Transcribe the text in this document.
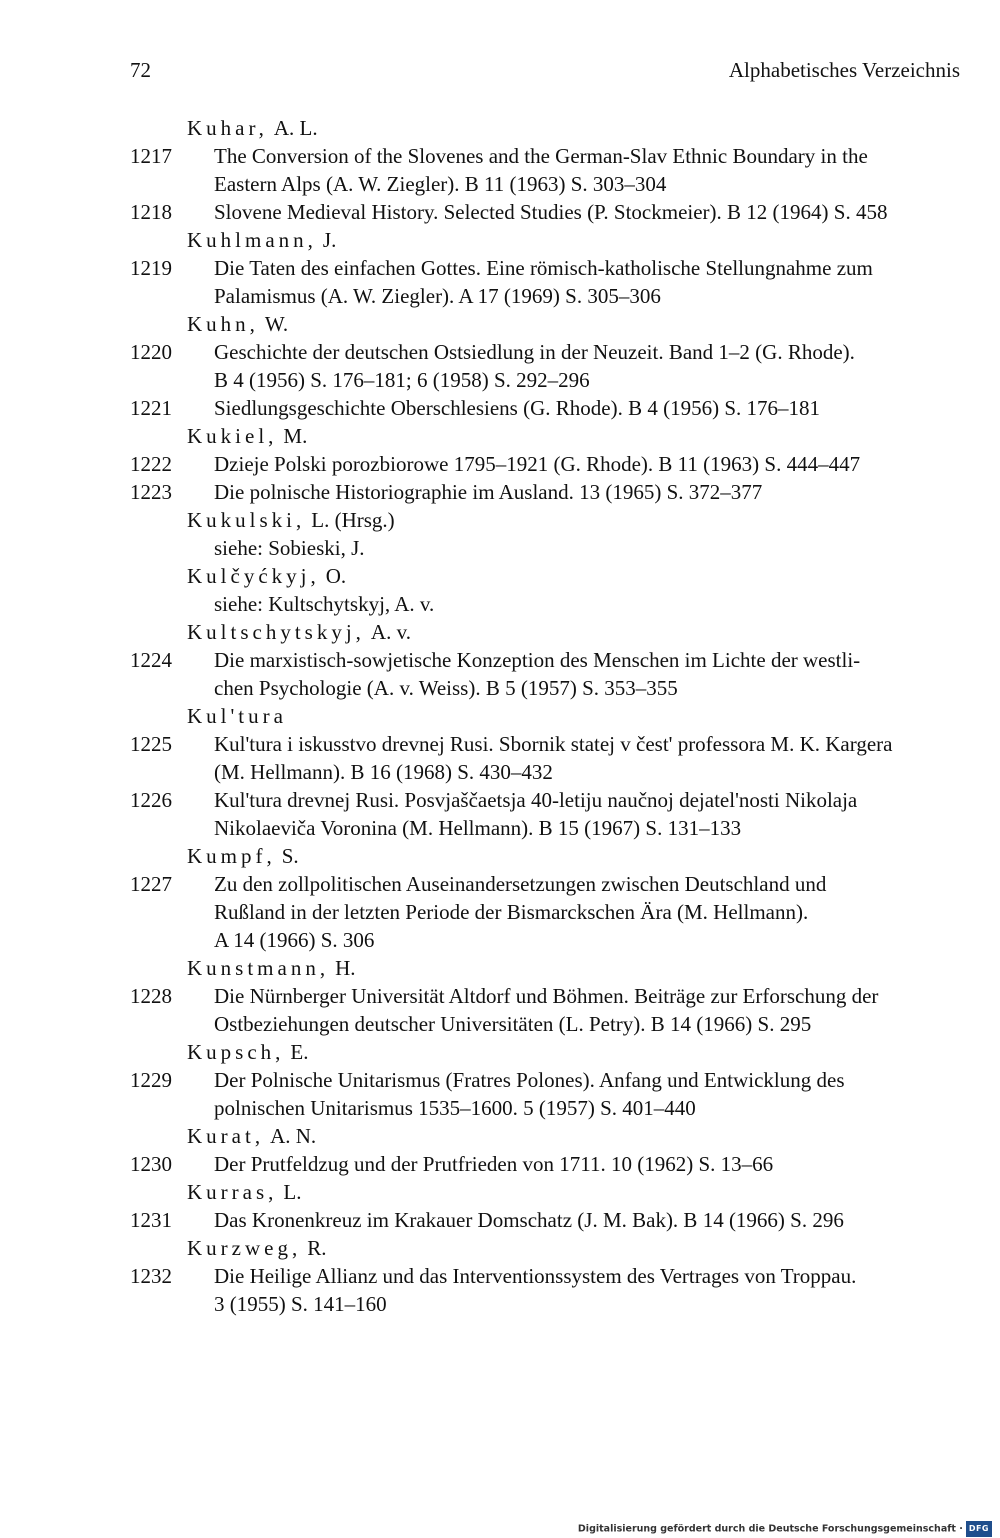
72	Alphabetisches Verzeichnis
Kuhar, A. L.
1217 The Conversion of the Slovenes and the German-Slav Ethnic Boundary in the
Eastern Alps (A. W. Ziegler). B 11 (1963) S. 303–304
1218 Slovene Medieval History. Selected Studies (P. Stockmeier). B 12 (1964) S. 458
Kuhlmann, J.
1219 Die Taten des einfachen Gottes. Eine römisch-katholische Stellungnahme zum
Palamismus (A. W. Ziegler). A 17 (1969) S. 305–306
Kuhn, W.
1220 Geschichte der deutschen Ostsiedlung in der Neuzeit. Band 1–2 (G. Rhode).
B 4 (1956) S. 176–181; 6 (1958) S. 292–296
1221 Siedlungsgeschichte Oberschlesiens (G. Rhode). B 4 (1956) S. 176–181
Kukiel, M.
1222 Dzieje Polski porozbiorowe 1795–1921 (G. Rhode). B 11 (1963) S. 444–447
1223 Die polnische Historiographie im Ausland. 13 (1965) S. 372–377
Kukulski, L. (Hrsg.)
siehe: Sobieski, J.
Kulčyćkyj, O.
siehe: Kultschytskyj, A. v.
Kultschytskyj, A. v.
1224 Die marxistisch-sowjetische Konzeption des Menschen im Lichte der westli-
chen Psychologie (A. v. Weiss). B 5 (1957) S. 353–355
Kul'tura
1225 Kul'tura i iskusstvo drevnej Rusi. Sbornik statej v čest' professora M. K. Kargera
(M. Hellmann). B 16 (1968) S. 430–432
1226 Kul'tura drevnej Rusi. Posvjaščaetsja 40-letiju naučnoj dejatel'nosti Nikolaja
Nikolaeviča Voronina (M. Hellmann). B 15 (1967) S. 131–133
Kumpf, S.
1227 Zu den zollpolitischen Auseinandersetzungen zwischen Deutschland und
Rußland in der letzten Periode der Bismarckschen Ära (M. Hellmann).
A 14 (1966) S. 306
Kunstmann, H.
1228 Die Nürnberger Universität Altdorf und Böhmen. Beiträge zur Erforschung der
Ostbeziehungen deutscher Universitäten (L. Petry). B 14 (1966) S. 295
Kupsch, E.
1229 Der Polnische Unitarismus (Fratres Polones). Anfang und Entwicklung des
polnischen Unitarismus 1535–1600. 5 (1957) S. 401–440
Kurat, A. N.
1230 Der Prutfeldzug und der Prutfrieden von 1711. 10 (1962) S. 13–66
Kurras, L.
1231 Das Kronenkreuz im Krakauer Domschatz (J. M. Bak). B 14 (1966) S. 296
Kurzweg, R.
1232 Die Heilige Allianz und das Interventionssystem des Vertrages von Troppau.
3 (1955) S. 141–160
Digitalisierung gefördert durch die Deutsche Forschungsgemeinschaft · DFG
